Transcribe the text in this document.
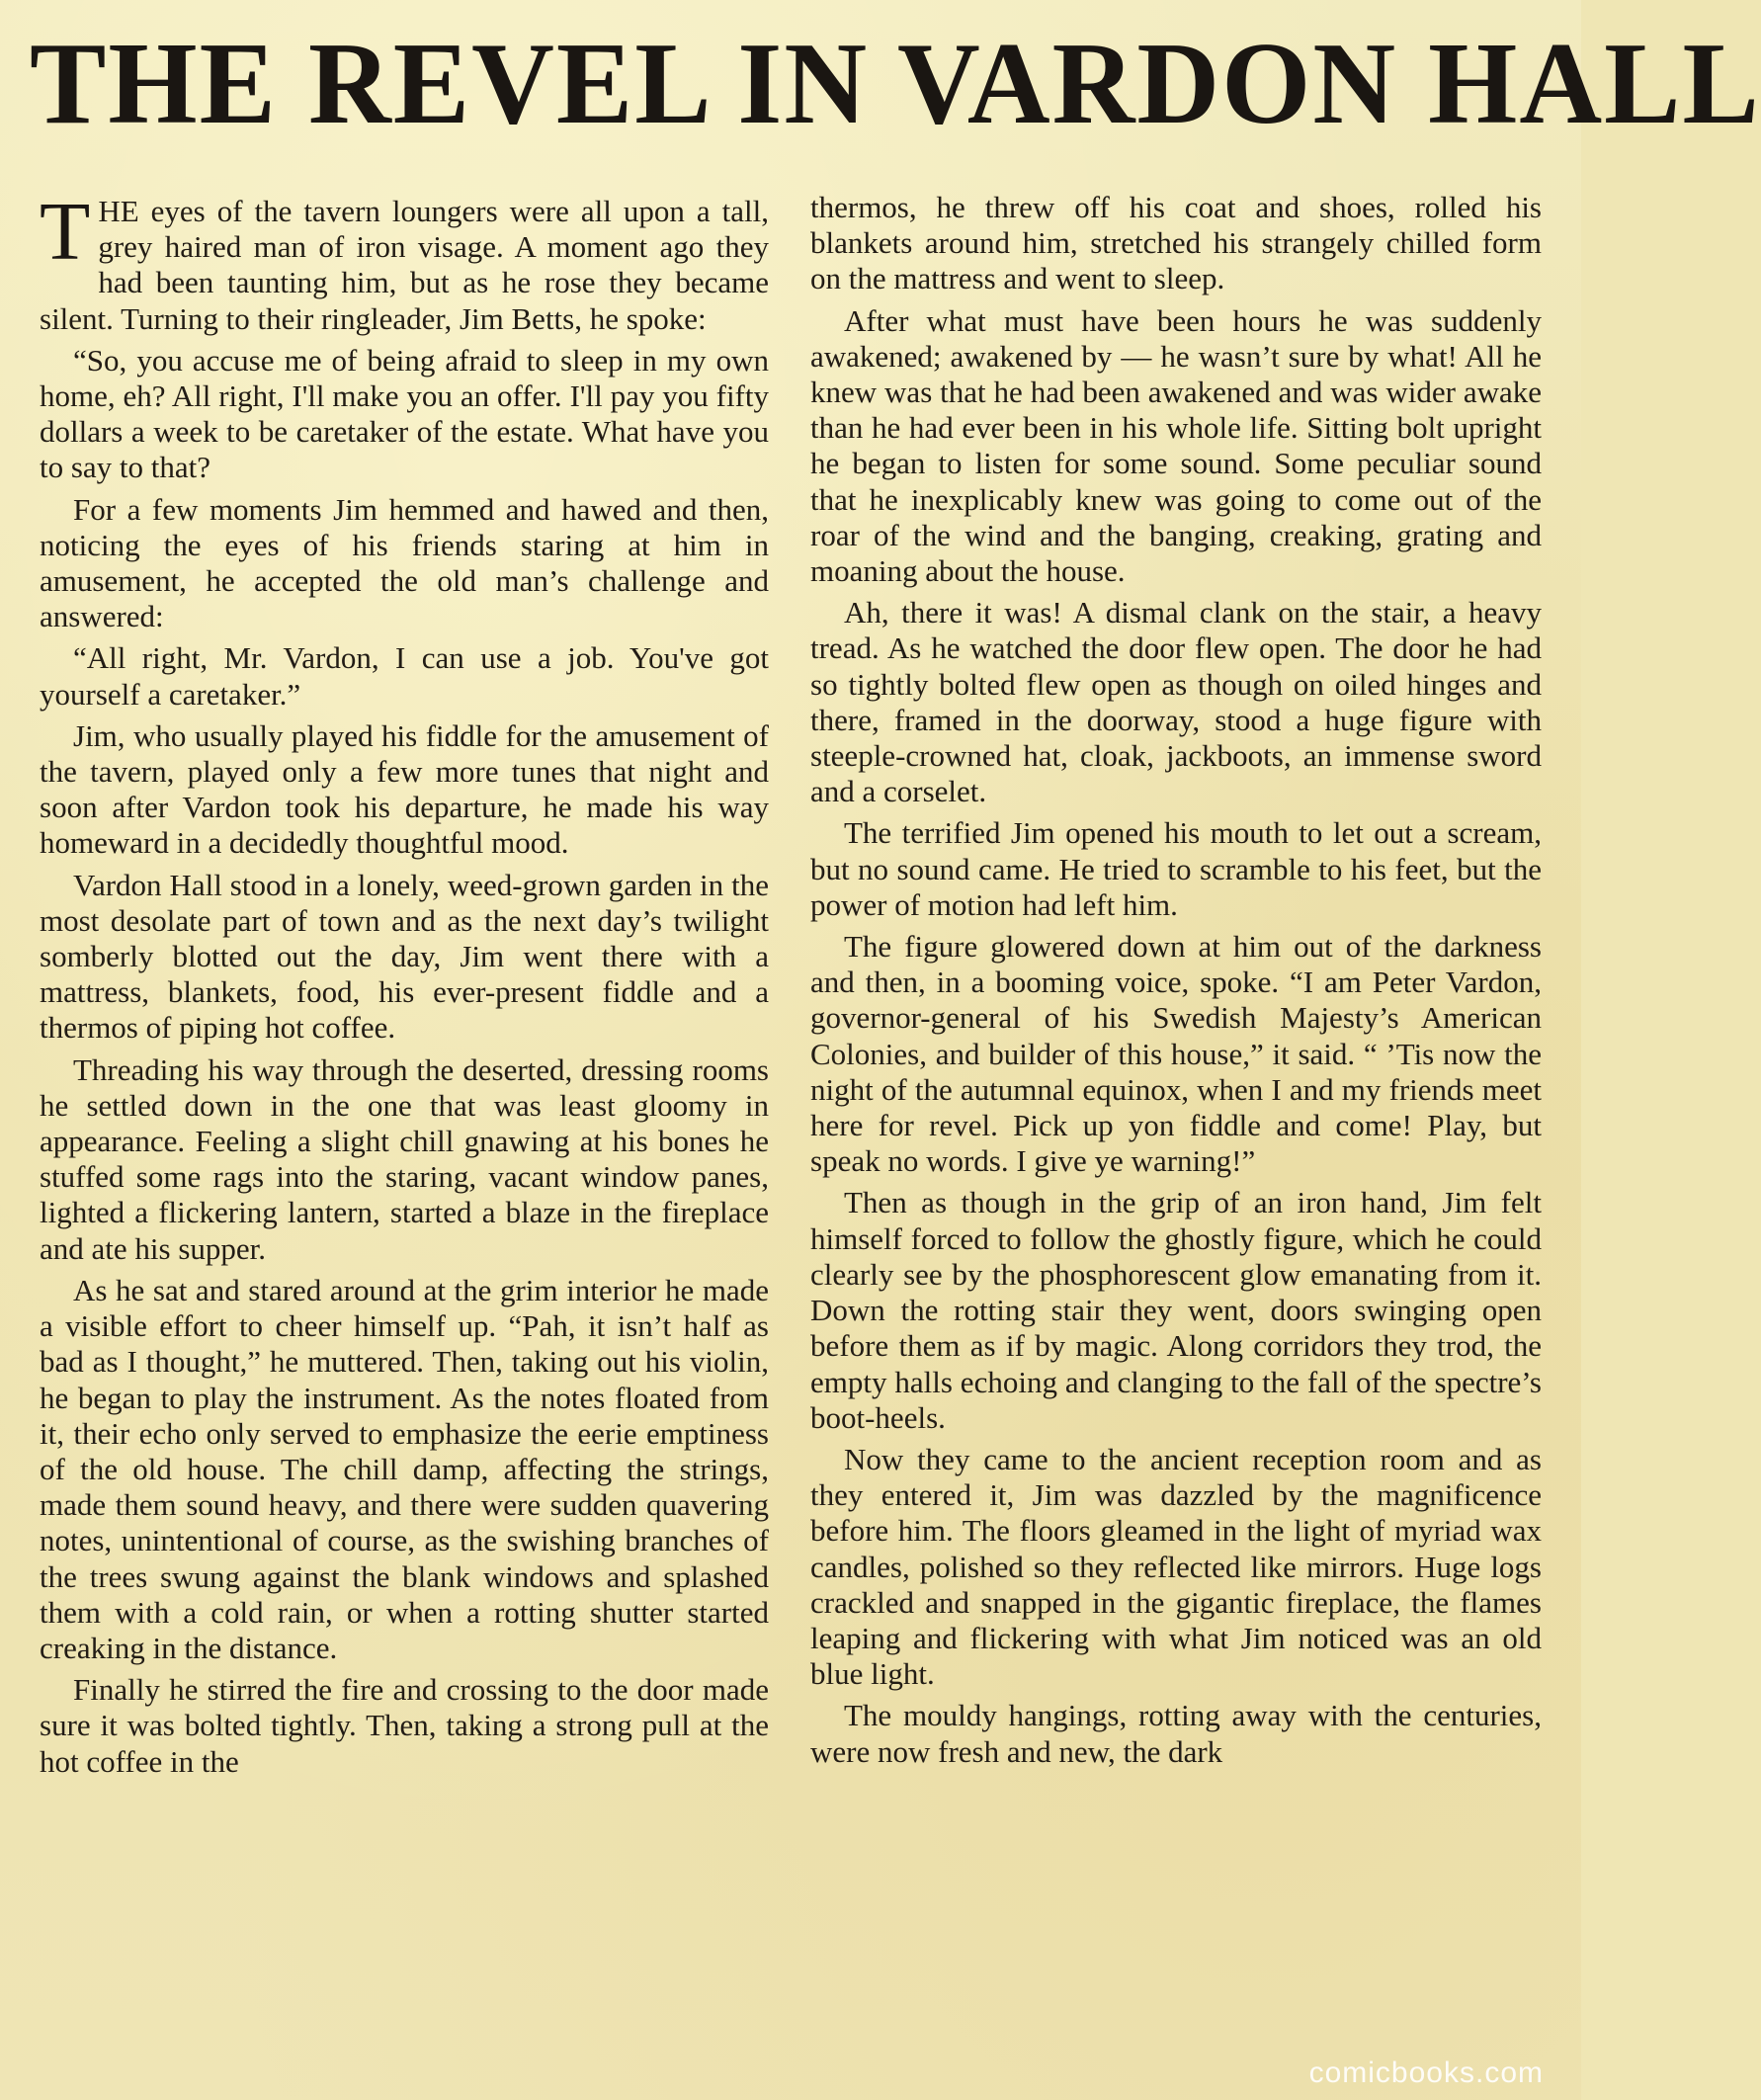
THE REVEL IN VARDON HALL

THE eyes of the tavern loungers were all upon a tall, grey haired man of iron visage. A moment ago they had been taunting him, but as he rose they became silent. Turning to their ringleader, Jim Betts, he spoke:

“So, you accuse me of being afraid to sleep in my own home, eh? All right, I'll make you an offer. I'll pay you fifty dollars a week to be caretaker of the estate. What have you to say to that?

For a few moments Jim hemmed and hawed and then, noticing the eyes of his friends staring at him in amusement, he accepted the old man’s challenge and answered:

“All right, Mr. Vardon, I can use a job. You've got yourself a caretaker.”

Jim, who usually played his fiddle for the amusement of the tavern, played only a few more tunes that night and soon after Vardon took his departure, he made his way homeward in a decidedly thoughtful mood.

Vardon Hall stood in a lonely, weed-grown garden in the most desolate part of town and as the next day’s twilight somberly blotted out the day, Jim went there with a mattress, blankets, food, his ever-present fiddle and a thermos of piping hot coffee.

Threading his way through the deserted, dressing rooms he settled down in the one that was least gloomy in appearance. Feeling a slight chill gnawing at his bones he stuffed some rags into the staring, vacant window panes, lighted a flickering lantern, started a blaze in the fireplace and ate his supper.

As he sat and stared around at the grim interior he made a visible effort to cheer himself up. “Pah, it isn’t half as bad as I thought,” he muttered. Then, taking out his violin, he began to play the instrument. As the notes floated from it, their echo only served to emphasize the eerie emptiness of the old house. The chill damp, affecting the strings, made them sound heavy, and there were sudden quavering notes, unintentional of course, as the swishing branches of the trees swung against the blank windows and splashed them with a cold rain, or when a rotting shutter started creaking in the distance.

Finally he stirred the fire and crossing to the door made sure it was bolted tightly. Then, taking a strong pull at the hot coffee in the

thermos, he threw off his coat and shoes, rolled his blankets around him, stretched his strangely chilled form on the mattress and went to sleep.

After what must have been hours he was suddenly awakened; awakened by — he wasn’t sure by what! All he knew was that he had been awakened and was wider awake than he had ever been in his whole life. Sitting bolt upright he began to listen for some sound. Some peculiar sound that he inexplicably knew was going to come out of the roar of the wind and the banging, creaking, grating and moaning about the house.

Ah, there it was! A dismal clank on the stair, a heavy tread. As he watched the door flew open. The door he had so tightly bolted flew open as though on oiled hinges and there, framed in the doorway, stood a huge figure with steeple-crowned hat, cloak, jackboots, an immense sword and a corselet.

The terrified Jim opened his mouth to let out a scream, but no sound came. He tried to scramble to his feet, but the power of motion had left him.

The figure glowered down at him out of the darkness and then, in a booming voice, spoke. “I am Peter Vardon, governor-general of his Swedish Majesty’s American Colonies, and builder of this house,” it said. “ ’Tis now the night of the autumnal equinox, when I and my friends meet here for revel. Pick up yon fiddle and come! Play, but speak no words. I give ye warning!”

Then as though in the grip of an iron hand, Jim felt himself forced to follow the ghostly figure, which he could clearly see by the phosphorescent glow emanating from it. Down the rotting stair they went, doors swinging open before them as if by magic. Along corridors they trod, the empty halls echoing and clanging to the fall of the spectre’s boot-heels.

Now they came to the ancient reception room and as they entered it, Jim was dazzled by the magnificence before him. The floors gleamed in the light of myriad wax candles, polished so they reflected like mirrors. Huge logs crackled and snapped in the gigantic fireplace, the flames leaping and flickering with what Jim noticed was an old blue light.

The mouldy hangings, rotting away with the centuries, were now fresh and new, the dark

comicbooks.com
